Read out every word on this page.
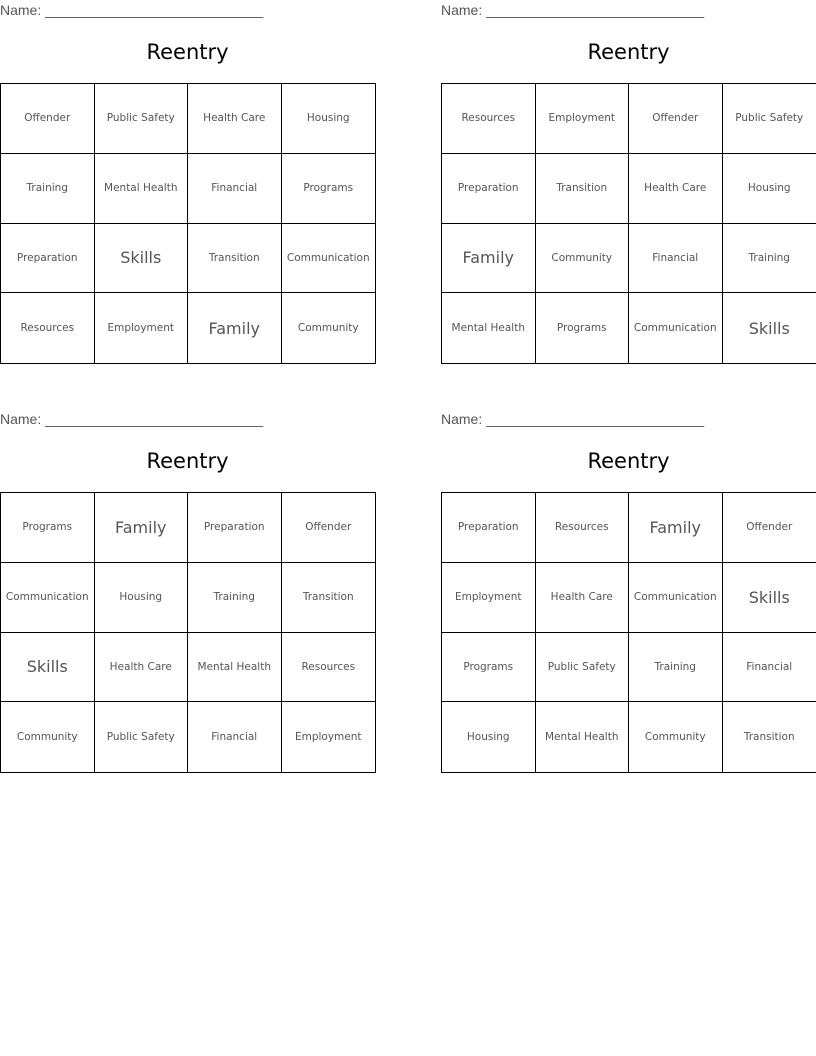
Name: ____________________________
Reentry
Offender	Public Safety	Health Care	Housing
Training	Mental Health	Financial	Programs
Preparation	Skills	Transition	Communication
Resources	Employment	Family	Community
Name: ____________________________
Reentry
Resources	Employment	Offender	Public Safety
Preparation	Transition	Health Care	Housing
Family	Community	Financial	Training
Mental Health	Programs	Communication	Skills
Name: ____________________________
Reentry
Programs	Family	Preparation	Offender
Communication	Housing	Training	Transition
Skills	Health Care	Mental Health	Resources
Community	Public Safety	Financial	Employment
Name: ____________________________
Reentry
Preparation	Resources	Family	Offender
Employment	Health Care	Communication	Skills
Programs	Public Safety	Training	Financial
Housing	Mental Health	Community	Transition
